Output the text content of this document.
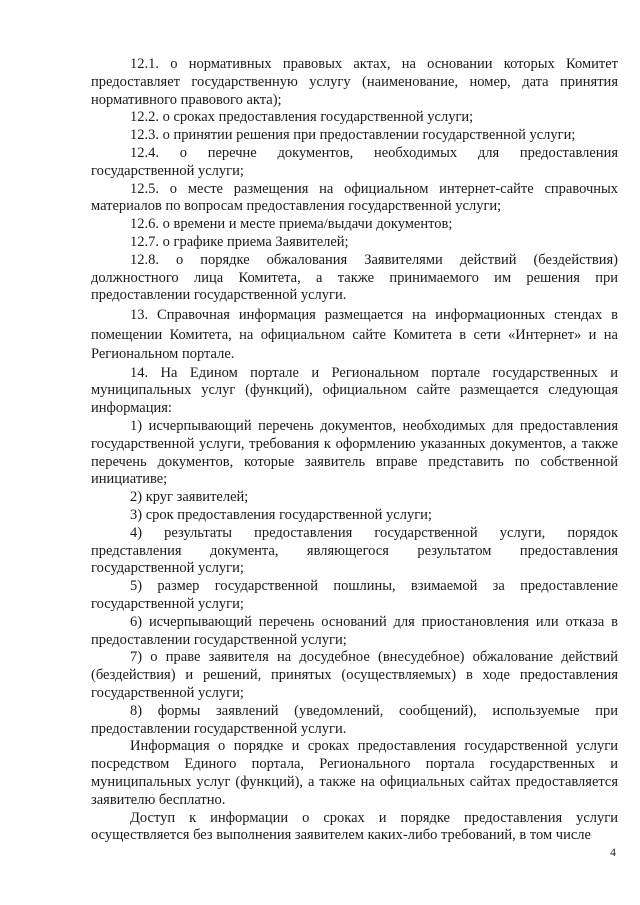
12.1. о нормативных правовых актах, на основании которых Комитет предоставляет государственную услугу (наименование, номер, дата принятия нормативного правового акта);

12.2. о сроках предоставления государственной услуги;

12.3. о принятии решения при предоставлении государственной услуги;

12.4. о перечне документов, необходимых для предоставления государственной услуги;

12.5. о месте размещения на официальном интернет-сайте справочных материалов по вопросам предоставления государственной услуги;

12.6. о времени и месте приема/выдачи документов;

12.7. о графике приема Заявителей;

12.8. о порядке обжалования Заявителями действий (бездействия) должностного лица Комитета, а также принимаемого им решения при предоставлении государственной услуги.

13. Справочная информация размещается на информационных стендах в помещении Комитета, на официальном сайте Комитета в сети «Интернет» и на Региональном портале.

14. На Едином портале и Региональном портале государственных и муниципальных услуг (функций), официальном сайте размещается следующая информация:

1) исчерпывающий перечень документов, необходимых для предоставления государственной услуги, требования к оформлению указанных документов, а также перечень документов, которые заявитель вправе представить по собственной инициативе;

2) круг заявителей;

3) срок предоставления государственной услуги;

4) результаты предоставления государственной услуги, порядок представления документа, являющегося результатом предоставления государственной услуги;

5) размер государственной пошлины, взимаемой за предоставление государственной услуги;

6) исчерпывающий перечень оснований для приостановления или отказа в предоставлении государственной услуги;

7) о праве заявителя на досудебное (внесудебное) обжалование действий (бездействия) и решений, принятых (осуществляемых) в ходе предоставления государственной услуги;

8) формы заявлений (уведомлений, сообщений), используемые при предоставлении государственной услуги.

Информация о порядке и сроках предоставления государственной услуги посредством Единого портала, Регионального портала государственных и муниципальных услуг (функций), а также на официальных сайтах предоставляется заявителю бесплатно.

Доступ к информации о сроках и порядке предоставления услуги осуществляется без выполнения заявителем каких-либо требований, в том числе

4
